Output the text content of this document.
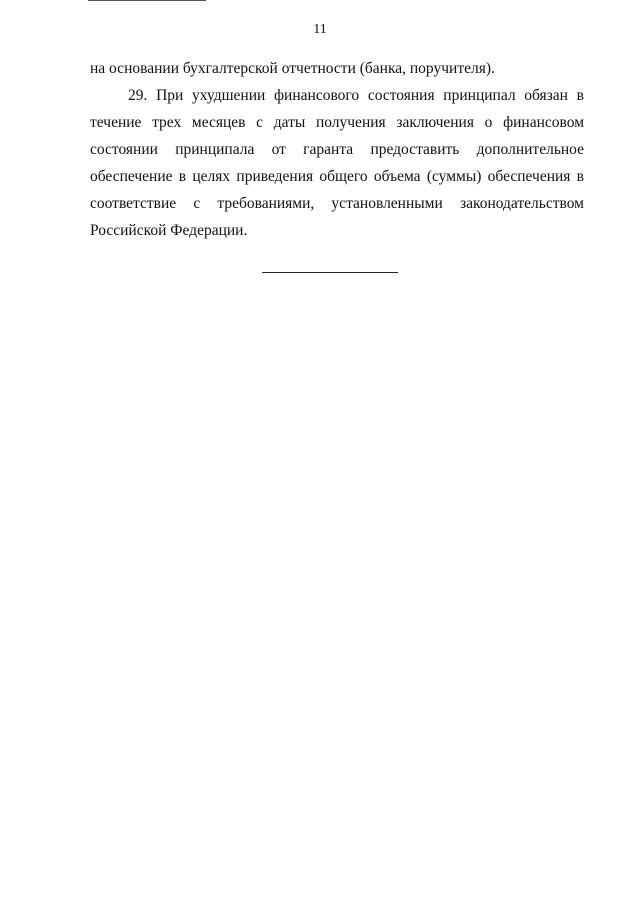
11

на основании бухгалтерской отчетности (банка, поручителя).

29. При ухудшении финансового состояния принципал обязан в течение трех месяцев с даты получения заключения о финансовом состоянии принципала от гаранта предоставить дополнительное обеспечение в целях приведения общего объема (суммы) обеспечения в соответствие с требованиями, установленными законодательством Российской Федерации.
